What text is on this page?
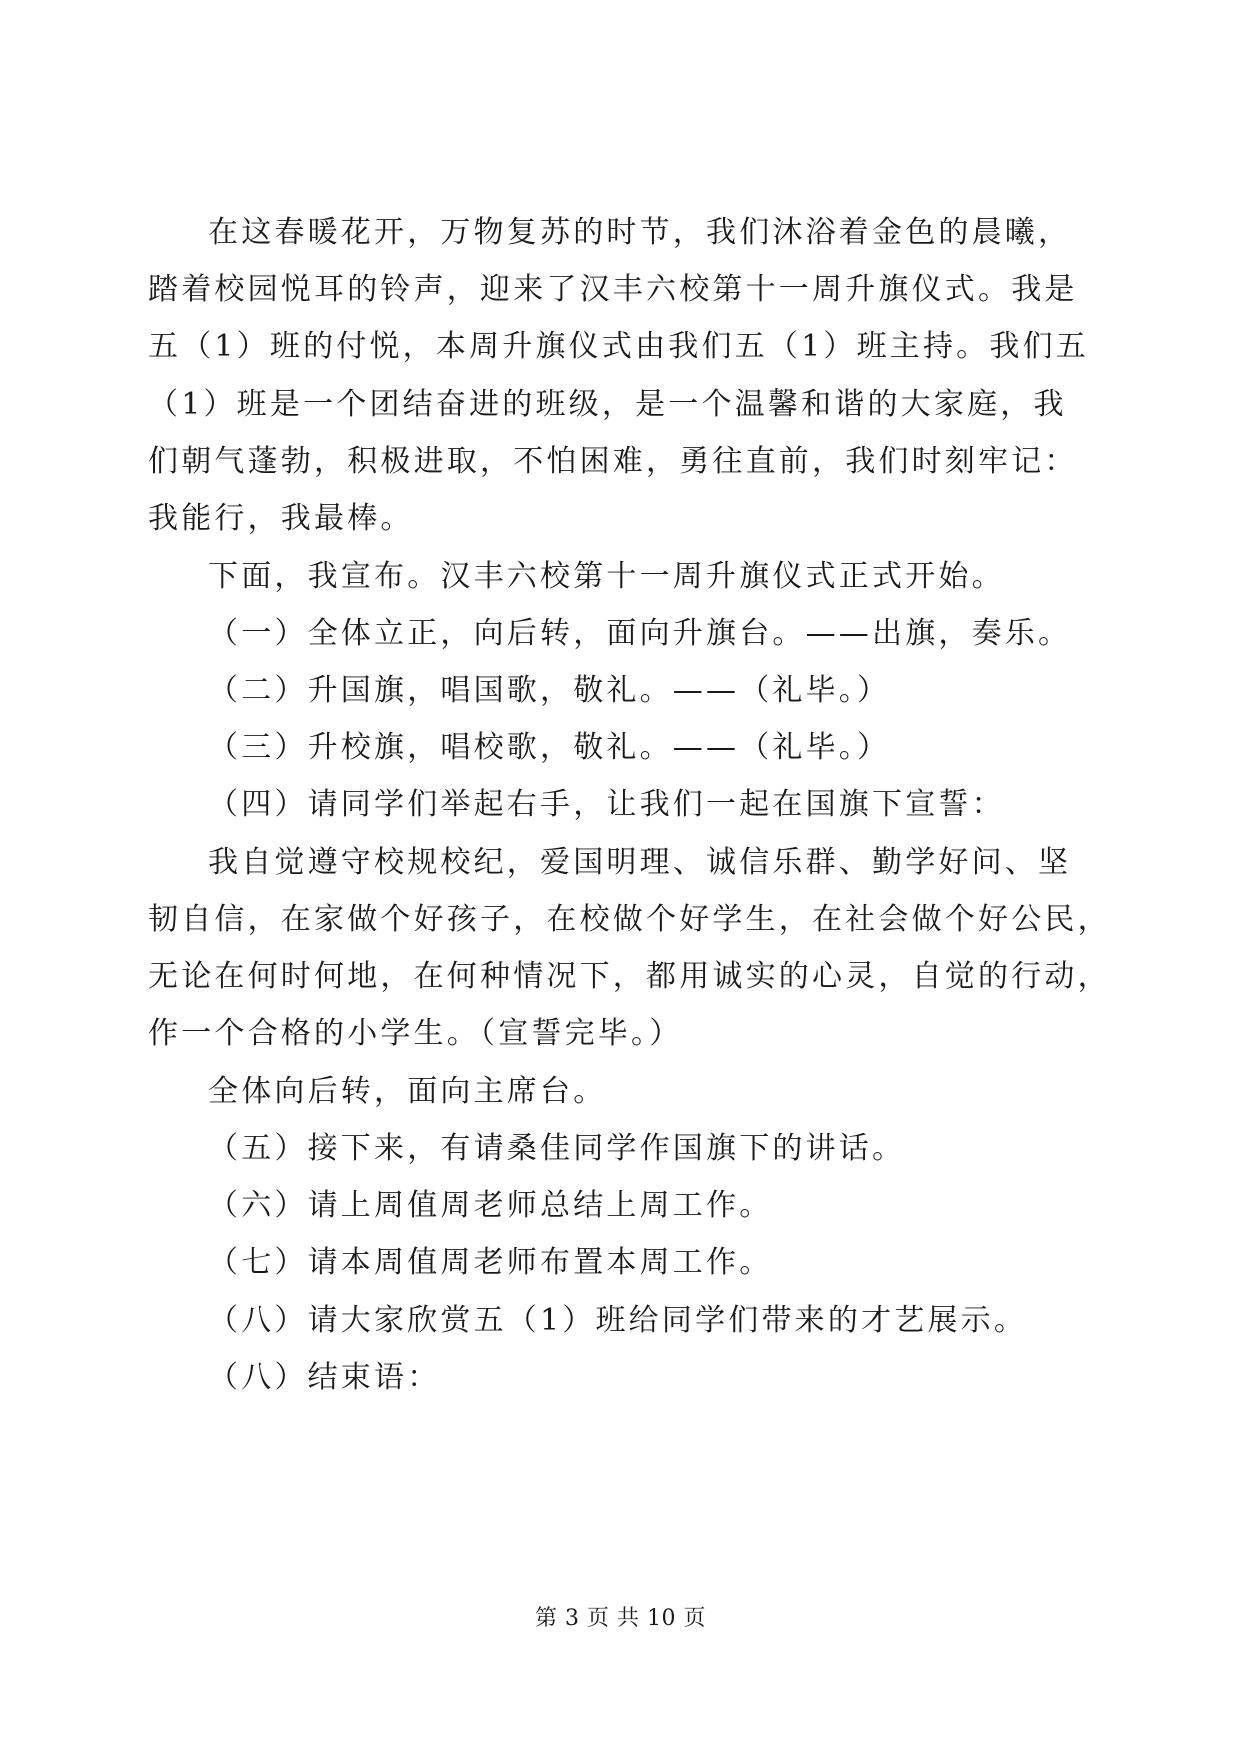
在这春暖花开，万物复苏的时节，我们沐浴着金色的晨曦，
踏着校园悦耳的铃声，迎来了汉丰六校第十一周升旗仪式。我是
五（1）班的付悦，本周升旗仪式由我们五（1）班主持。我们五
（1）班是一个团结奋进的班级，是一个温馨和谐的大家庭，我
们朝气蓬勃，积极进取，不怕困难，勇往直前，我们时刻牢记：
我能行，我最棒。
下面，我宣布。汉丰六校第十一周升旗仪式正式开始。
（一）全体立正，向后转，面向升旗台。——出旗，奏乐。
（二）升国旗，唱国歌，敬礼。——（礼毕。）
（三）升校旗，唱校歌，敬礼。——（礼毕。）
（四）请同学们举起右手，让我们一起在国旗下宣誓：
我自觉遵守校规校纪，爱国明理、诚信乐群、勤学好问、坚
韧自信，在家做个好孩子，在校做个好学生，在社会做个好公民，
无论在何时何地，在何种情况下，都用诚实的心灵，自觉的行动，
作一个合格的小学生。（宣誓完毕。）
全体向后转，面向主席台。
（五）接下来，有请桑佳同学作国旗下的讲话。
（六）请上周值周老师总结上周工作。
（七）请本周值周老师布置本周工作。
（八）请大家欣赏五（1）班给同学们带来的才艺展示。
（八）结束语：
第 3 页 共 10 页
